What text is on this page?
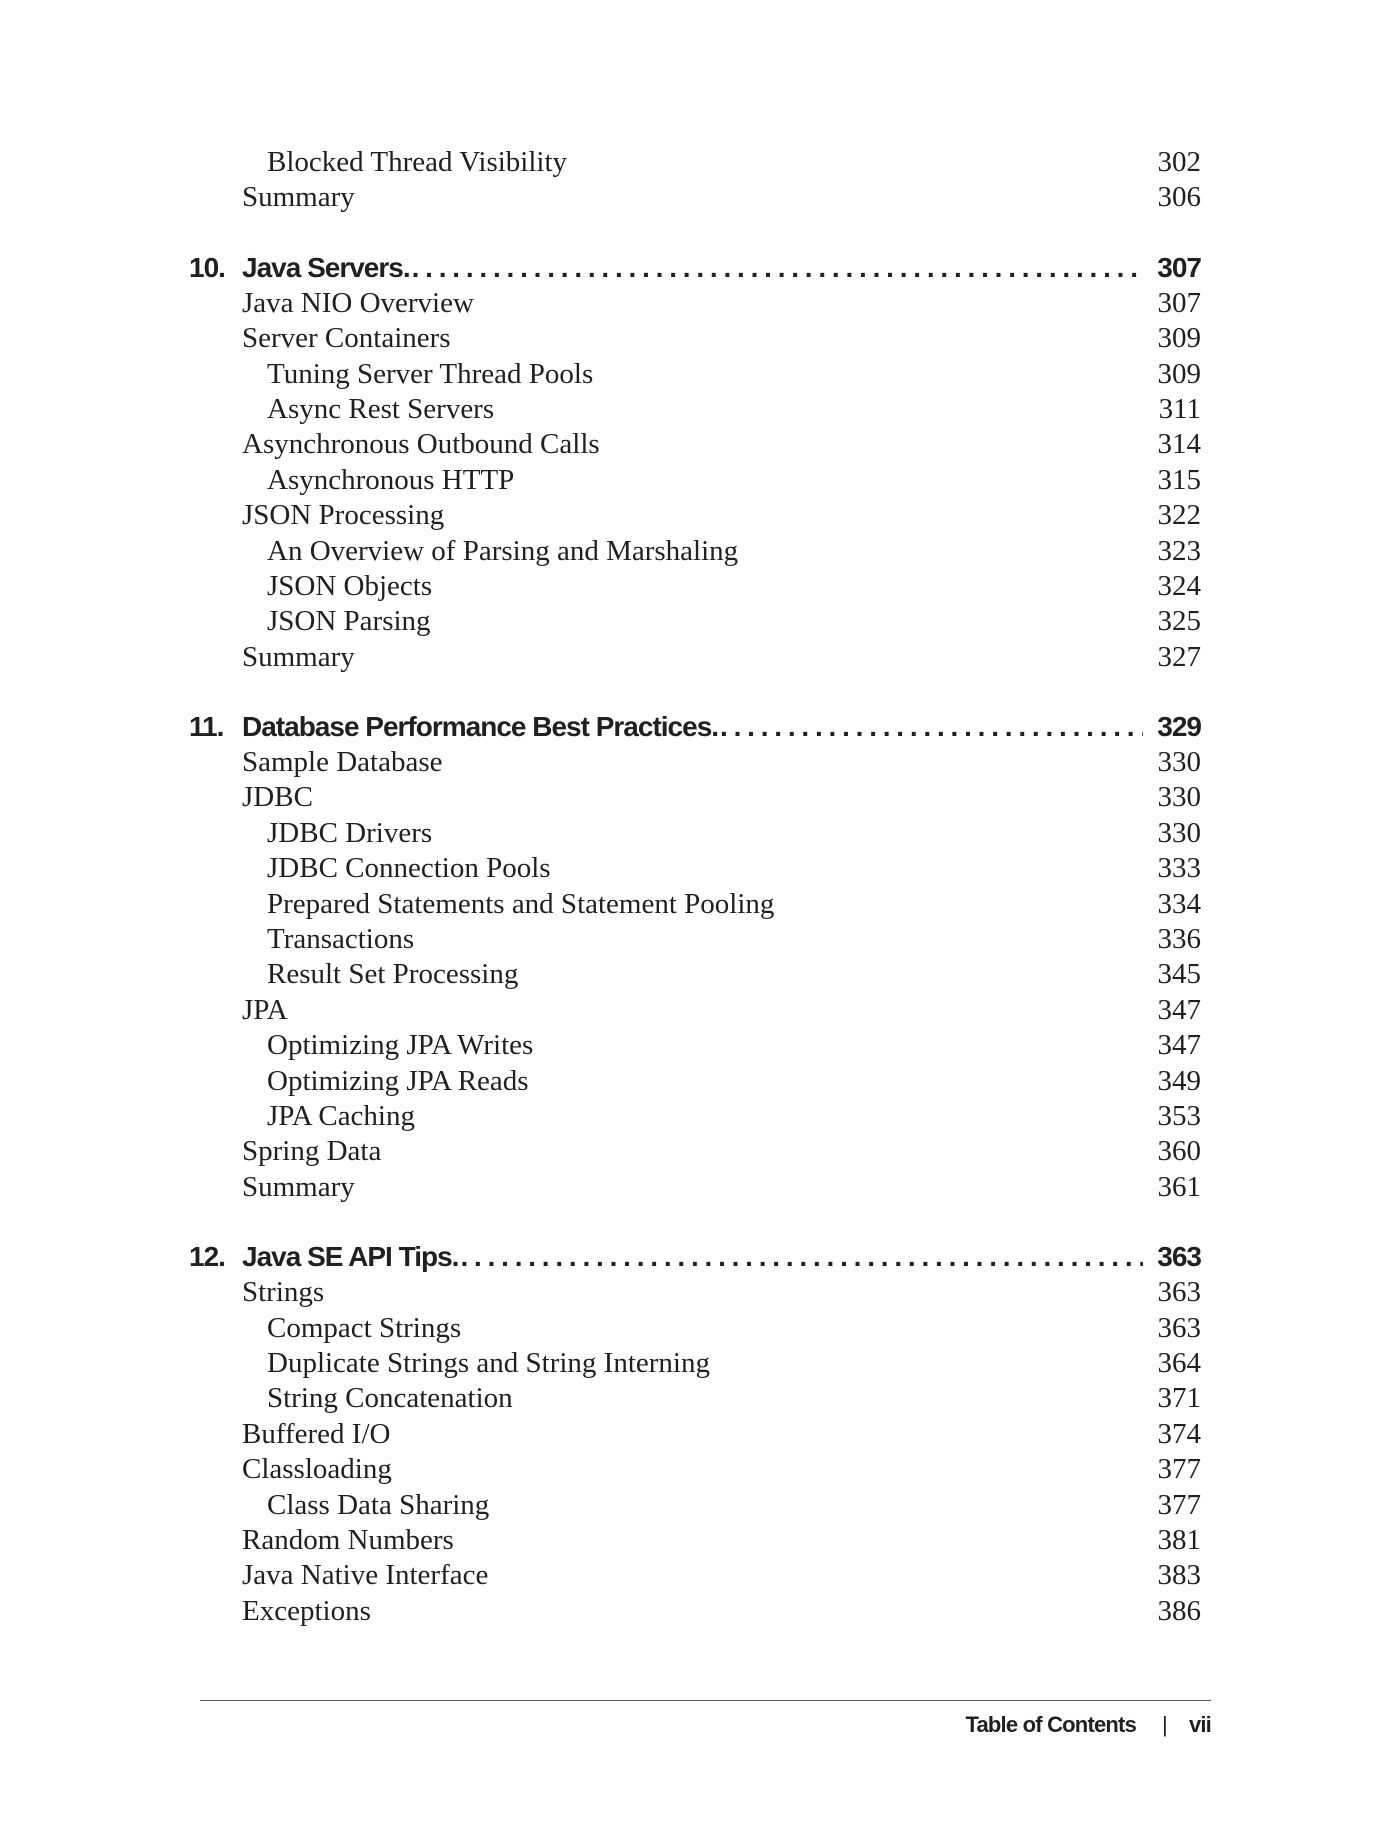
Blocked Thread Visibility	302
Summary	306
10. Java Servers. . . .	307
Java NIO Overview	307
Server Containers	309
Tuning Server Thread Pools	309
Async Rest Servers	311
Asynchronous Outbound Calls	314
Asynchronous HTTP	315
JSON Processing	322
An Overview of Parsing and Marshaling	323
JSON Objects	324
JSON Parsing	325
Summary	327
11. Database Performance Best Practices. . . .	329
Sample Database	330
JDBC	330
JDBC Drivers	330
JDBC Connection Pools	333
Prepared Statements and Statement Pooling	334
Transactions	336
Result Set Processing	345
JPA	347
Optimizing JPA Writes	347
Optimizing JPA Reads	349
JPA Caching	353
Spring Data	360
Summary	361
12. Java SE API Tips. . . .	363
Strings	363
Compact Strings	363
Duplicate Strings and String Interning	364
String Concatenation	371
Buffered I/O	374
Classloading	377
Class Data Sharing	377
Random Numbers	381
Java Native Interface	383
Exceptions	386
Table of Contents | vii
